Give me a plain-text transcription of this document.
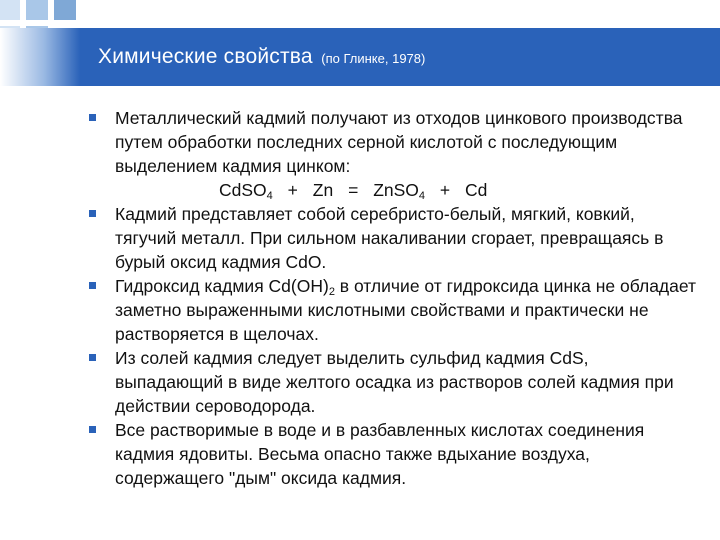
Химические свойства (по Глинке, 1978)
Металлический кадмий получают из отходов цинкового производства путем обработки последних серной кислотой с последующим выделением кадмия цинком:
CdSO$_4$ + Zn = ZnSO$_4$ + Cd
Кадмий представляет собой серебристо-белый, мягкий, ковкий, тягучий металл. При сильном накаливании сгорает, превращаясь в бурый оксид кадмия CdO.
Гидроксид кадмия $Cd(OH)_2$ в отличие от гидроксида цинка не обладает заметно выраженными кислотными свойствами и практически не растворяется в щелочах.
Из солей кадмия следует выделить сульфид кадмия CdS, выпадающий в виде желтого осадка из растворов солей кадмия при действии сероводорода.
Все растворимые в воде и в разбавленных кислотах соединения кадмия ядовиты. Весьма опасно также вдыхание воздуха, содержащего "дым" оксида кадмия.
